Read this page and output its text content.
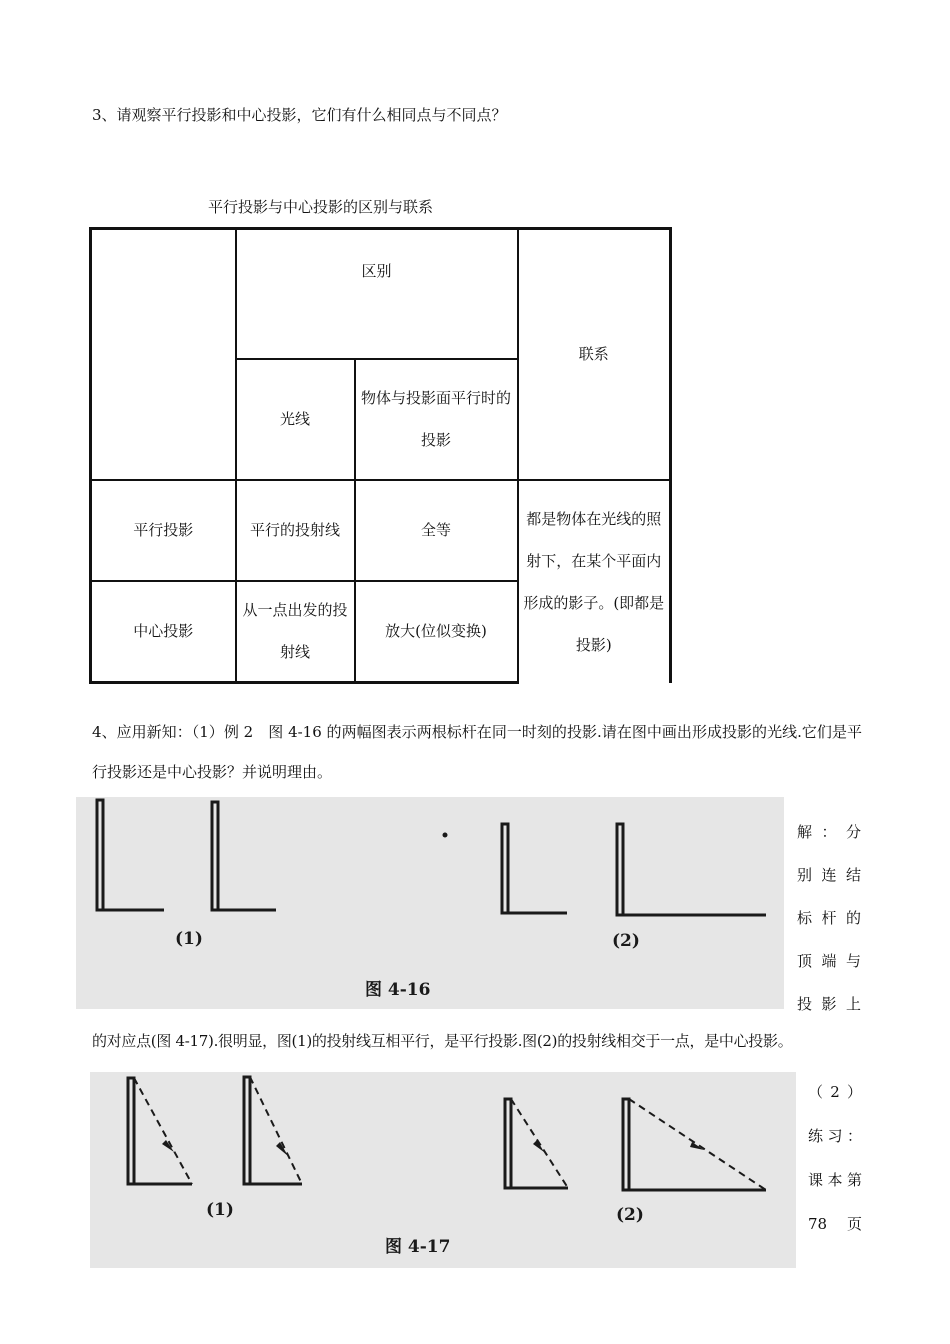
3、请观察平行投影和中心投影，它们有什么相同点与不同点？
平行投影与中心投影的区别与联系
	区别		联系
	光线	物体与投影面平行时的投影	
平行投影	平行的投射线	全等	都是物体在光线的照射下，在某个平面内形成的影子。(即都是投影)
中心投影	从一点出发的投射线	放大(位似变换)	
4、应用新知：（1）例 2　图 4-16 的两幅图表示两根标杆在同一时刻的投影.请在图中画出形成投影的光线.它们是平行投影还是中心投影？并说明理由。
(1)	(2)
图 4-16
解：分
别连结
标杆的
顶端与
投影上
的对应点(图 4-17).很明显，图(1)的投射线互相平行，是平行投影.图(2)的投射线相交于一点，是中心投影。
(1)	(2)
图 4-17
（2）
练习：
课本第
78　页
